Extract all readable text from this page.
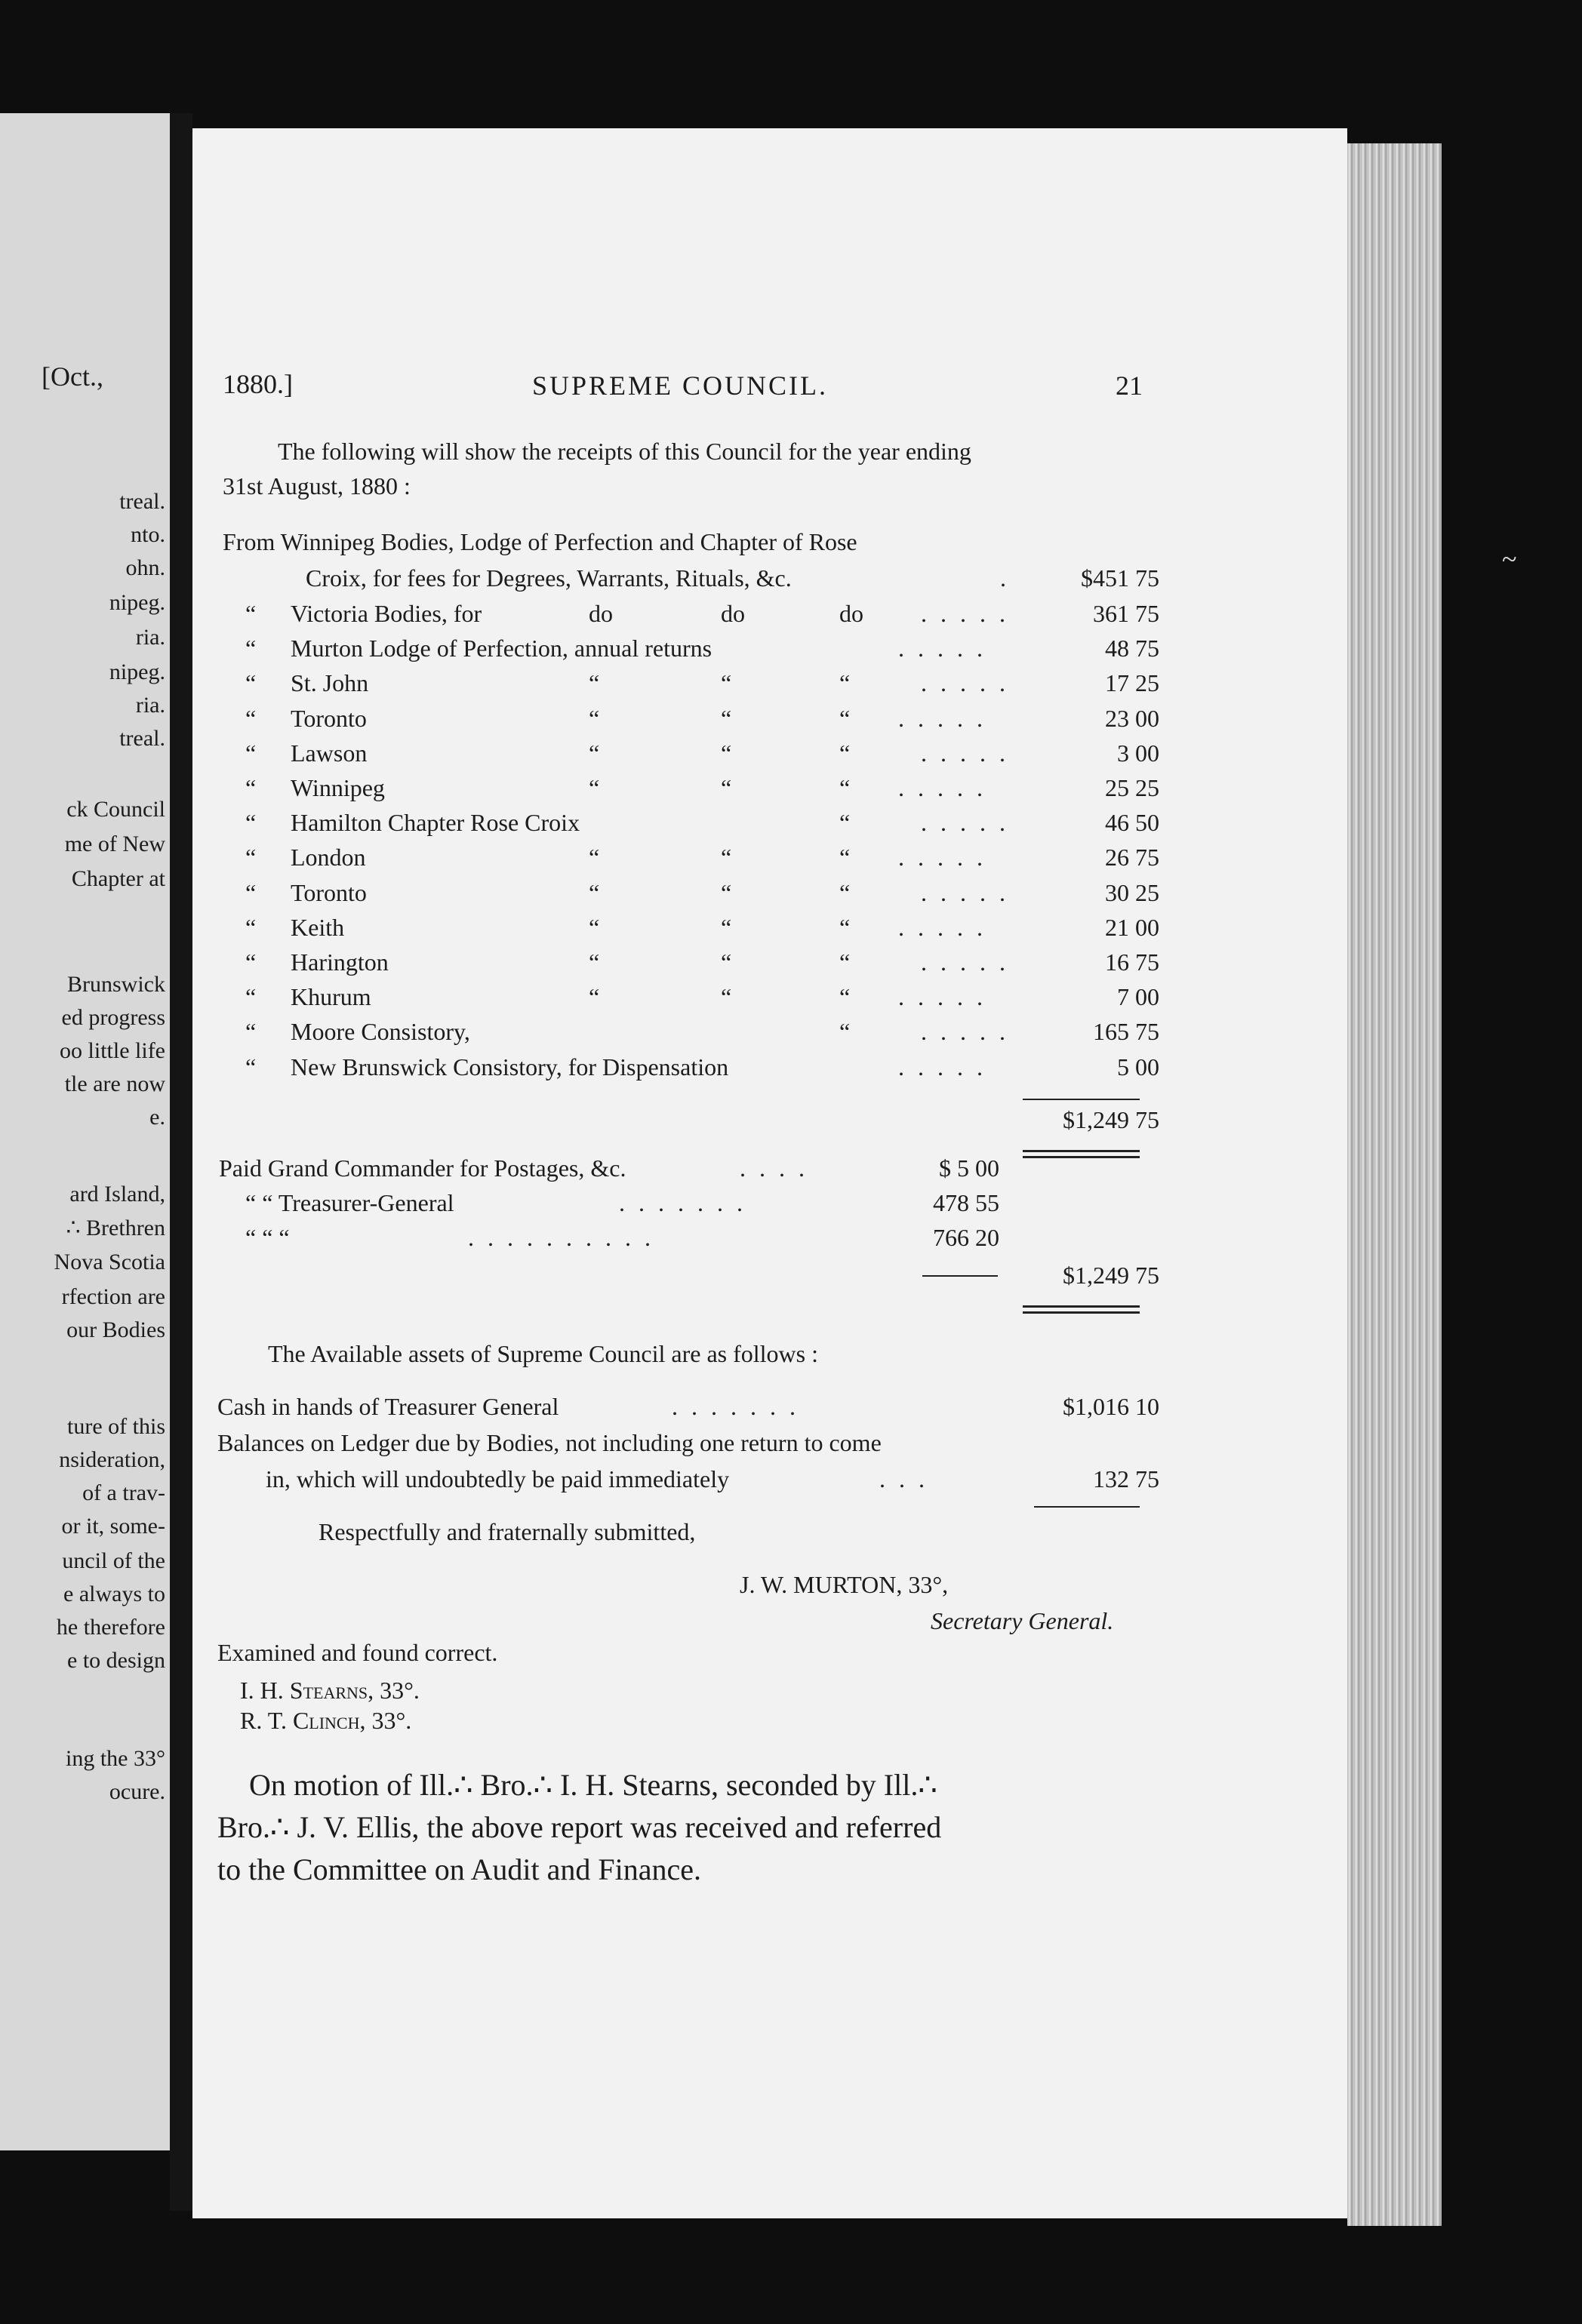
treal.
nto.
ohn.
nipeg.
ria.
nipeg.
ria.
treal.
ck Council
me of New
Chapter at
Brunswick
ed progress
oo little life
tle are now
e.
ard Island,
∴ Brethren
Nova Scotia
rfection are
our Bodies
ture of this
nsideration,
of a trav-
or it, some-
uncil of the
e always to
he therefore
e to design
ing the 33°
ocure.
~
[Oct.,	1880.]	SUPREME COUNCIL.	21
The following will show the receipts of this Council for the year ending
31st August, 1880 :
From Winnipeg Bodies, Lodge of Perfection and Chapter of Rose
Croix, for fees for Degrees, Warrants, Rituals, &c.	.	$451 75
“ Victoria Bodies, for	do	do	do .....	361 75
“ Murton Lodge of Perfection, annual returns	.....	48 75
“ St. John	“	“	“	.....	17 25
“ Toronto	“	“	“ .....	23 00
“ Lawson	“	“	“	.....	3 00
“ Winnipeg	“	“	“ .....	25 25
“ Hamilton Chapter Rose Croix	“	.....	46 50
“ London	“	“	“ .....	26 75
“ Toronto	“	“	“	.....	30 25
“ Keith	“	“	“ .....	21 00
“ Harington	“	“	“	.....	16 75
“ Khurum	“	“	“ .....	7 00
“ Moore Consistory,	“	.....	165 75
“ New Brunswick Consistory, for Dispensation	.....	5 00
$1,249 75
Paid Grand Commander for Postages, &c.	....	$ 5 00
“ “ Treasurer-General	.......	478 55
“ “ “	..........	766 20
$1,249 75
The Available assets of Supreme Council are as follows :
Cash in hands of Treasurer General	.......	$1,016 10
Balances on Ledger due by Bodies, not including one return to come
in, which will undoubtedly be paid immediately	...	132 75
Respectfully and fraternally submitted,
J. W. MURTON, 33°,
Secretary General.
Examined and found correct.
I. H. Stearns, 33°.
R. T. Clinch, 33°.
On motion of Ill.∴ Bro.∴ I. H. Stearns, seconded by Ill.∴
Bro.∴ J. V. Ellis, the above report was received and referred
to the Committee on Audit and Finance.
